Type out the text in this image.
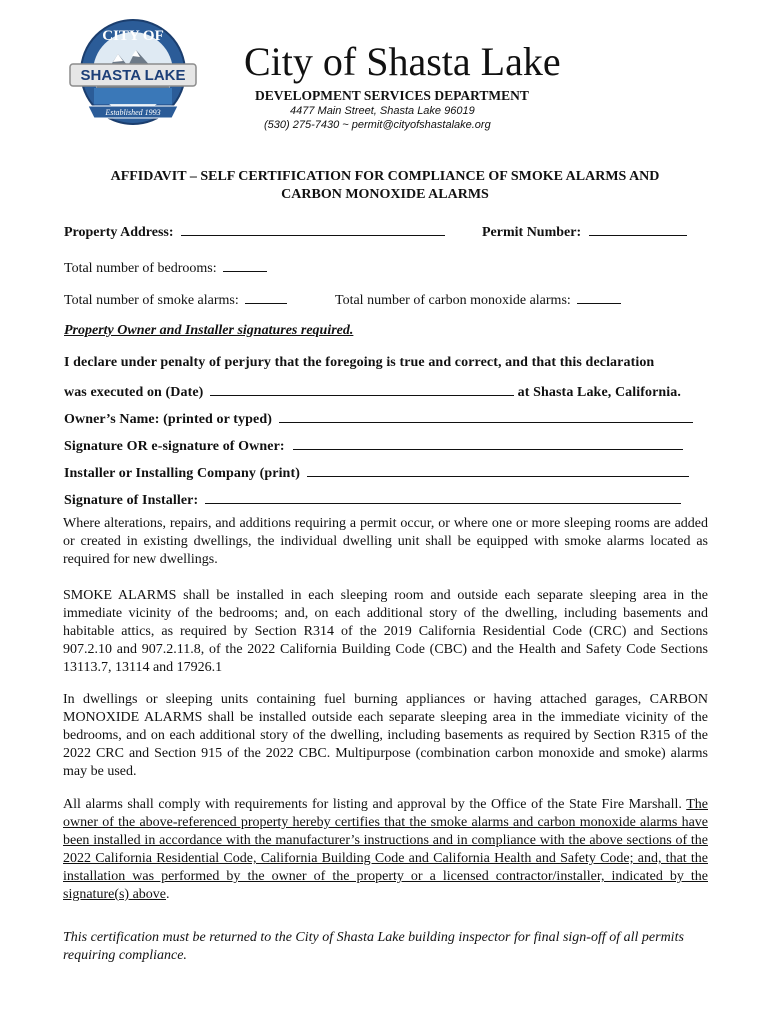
SHASTA LAKE
CITY OF
Established 1993
City of Shasta Lake
DEVELOPMENT SERVICES DEPARTMENT
4477 Main Street, Shasta Lake 96019
(530) 275-7430 ~ permit@cityofshastalake.org
AFFIDAVIT – SELF CERTIFICATION FOR COMPLIANCE OF SMOKE ALARMS AND
CARBON MONOXIDE ALARMS
Property Address:	Permit Number:
Total number of bedrooms:
Total number of smoke alarms:	Total number of carbon monoxide alarms:
Property Owner and Installer signatures required.
I declare under penalty of perjury that the foregoing is true and correct, and that this declaration
was executed on (Date)	at Shasta Lake, California.
Owner’s Name: (printed or typed)
Signature OR e-signature of Owner:
Installer or Installing Company (print)
Signature of Installer:
Where alterations, repairs, and additions requiring a permit occur, or where one or more sleeping rooms are added or created in existing dwellings, the individual dwelling unit shall be equipped with smoke alarms located as required for new dwellings.
SMOKE ALARMS shall be installed in each sleeping room and outside each separate sleeping area in the immediate vicinity of the bedrooms; and, on each additional story of the dwelling, including basements and habitable attics, as required by Section R314 of the 2019 California Residential Code (CRC) and Sections 907.2.10 and 907.2.11.8, of the 2022 California Building Code (CBC) and the Health and Safety Code Sections 13113.7, 13114 and 17926.1
In dwellings or sleeping units containing fuel burning appliances or having attached garages, CARBON MONOXIDE ALARMS shall be installed outside each separate sleeping area in the immediate vicinity of the bedrooms, and on each additional story of the dwelling, including basements as required by Section R315 of the 2022 CRC and Section 915 of the 2022 CBC. Multipurpose (combination carbon monoxide and smoke) alarms may be used.
All alarms shall comply with requirements for listing and approval by the Office of the State Fire Marshall. The owner of the above-referenced property hereby certifies that the smoke alarms and carbon monoxide alarms have been installed in accordance with the manufacturer’s instructions and in compliance with the above sections of the 2022 California Residential Code, California Building Code and California Health and Safety Code; and, that the installation was performed by the owner of the property or a licensed contractor/installer, indicated by the signature(s) above.
This certification must be returned to the City of Shasta Lake building inspector for final sign-off of all permits requiring compliance.
